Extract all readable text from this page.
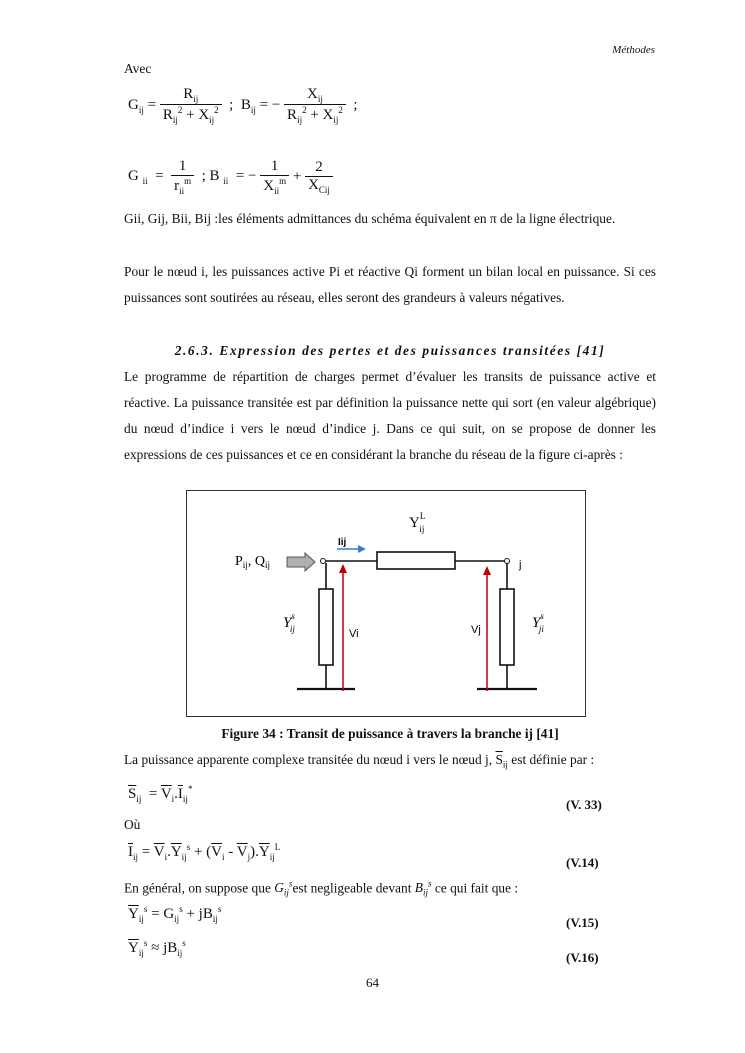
Méthodes
Avec
$G_{ij} = \frac{R_{ij}}{R_{ij}^2 + X_{ij}^2}$ ;  $B_{ij}$ = − $\frac{X_{ij}}{R_{ij}^2 + X_{ij}^2}$ ;
G $_{ii} = \frac{1}{r_{ii}^m}$ ; B $_{ii}$  = − $\frac{1}{X_{ii}^m} + \frac{2}{X_{Cij}}$
Gii, Gij, Bii, Bij :les éléments admittances du schéma équivalent en π de la ligne électrique.
Pour le nœud i, les puissances active Pi et réactive Qi forment un bilan local en puissance. Si ces puissances sont soutirées au réseau, elles seront des grandeurs à valeurs négatives.
2.6.3. Expression des pertes et des puissances transitées [41]
Le programme de répartition de charges permet d’évaluer les transits de puissance active et réactive. La puissance transitée est par définition la puissance nette qui sort (en valeur algébrique) du nœud d’indice i vers le nœud d’indice j. Dans ce qui suit, on se propose de donner les expressions de ces puissances et ce en considérant la branche du réseau de la figure ci-après :
$P_{ij}$, $Q_{ij}$
Iij
$Y^L$ ij
j
Vi	Vj
$Y^s$ ij	$Y^s$ ji
Figure 34 : Transit de puissance à travers la branche ij [41]
La puissance apparente complexe transitée du nœud i vers le nœud j, $\overline{S}_{ij}$ est définie par :
$\overline{S}_{ij} = \overline{V}_i.\overline{I}_{ij}^*$
(V. 33)
Où
$\overline{I}_{ij} = \overline{V}_i.\overline{Y}_{ij}^s + (\overline{V}_i - \overline{V}_j).\overline{Y}_{ij}^L$
(V.14)
En général, on suppose que $G_{ij}^sest$ negligeable devant $B_{ij}^s$ ce qui fait que :
$\overline{Y}_{ij}^s = G_{ij}^s + jB_{ij}^s$
(V.15)
$\overline{Y}_{ij}^s \approx jB_{ij}^s$
(V.16)
64
